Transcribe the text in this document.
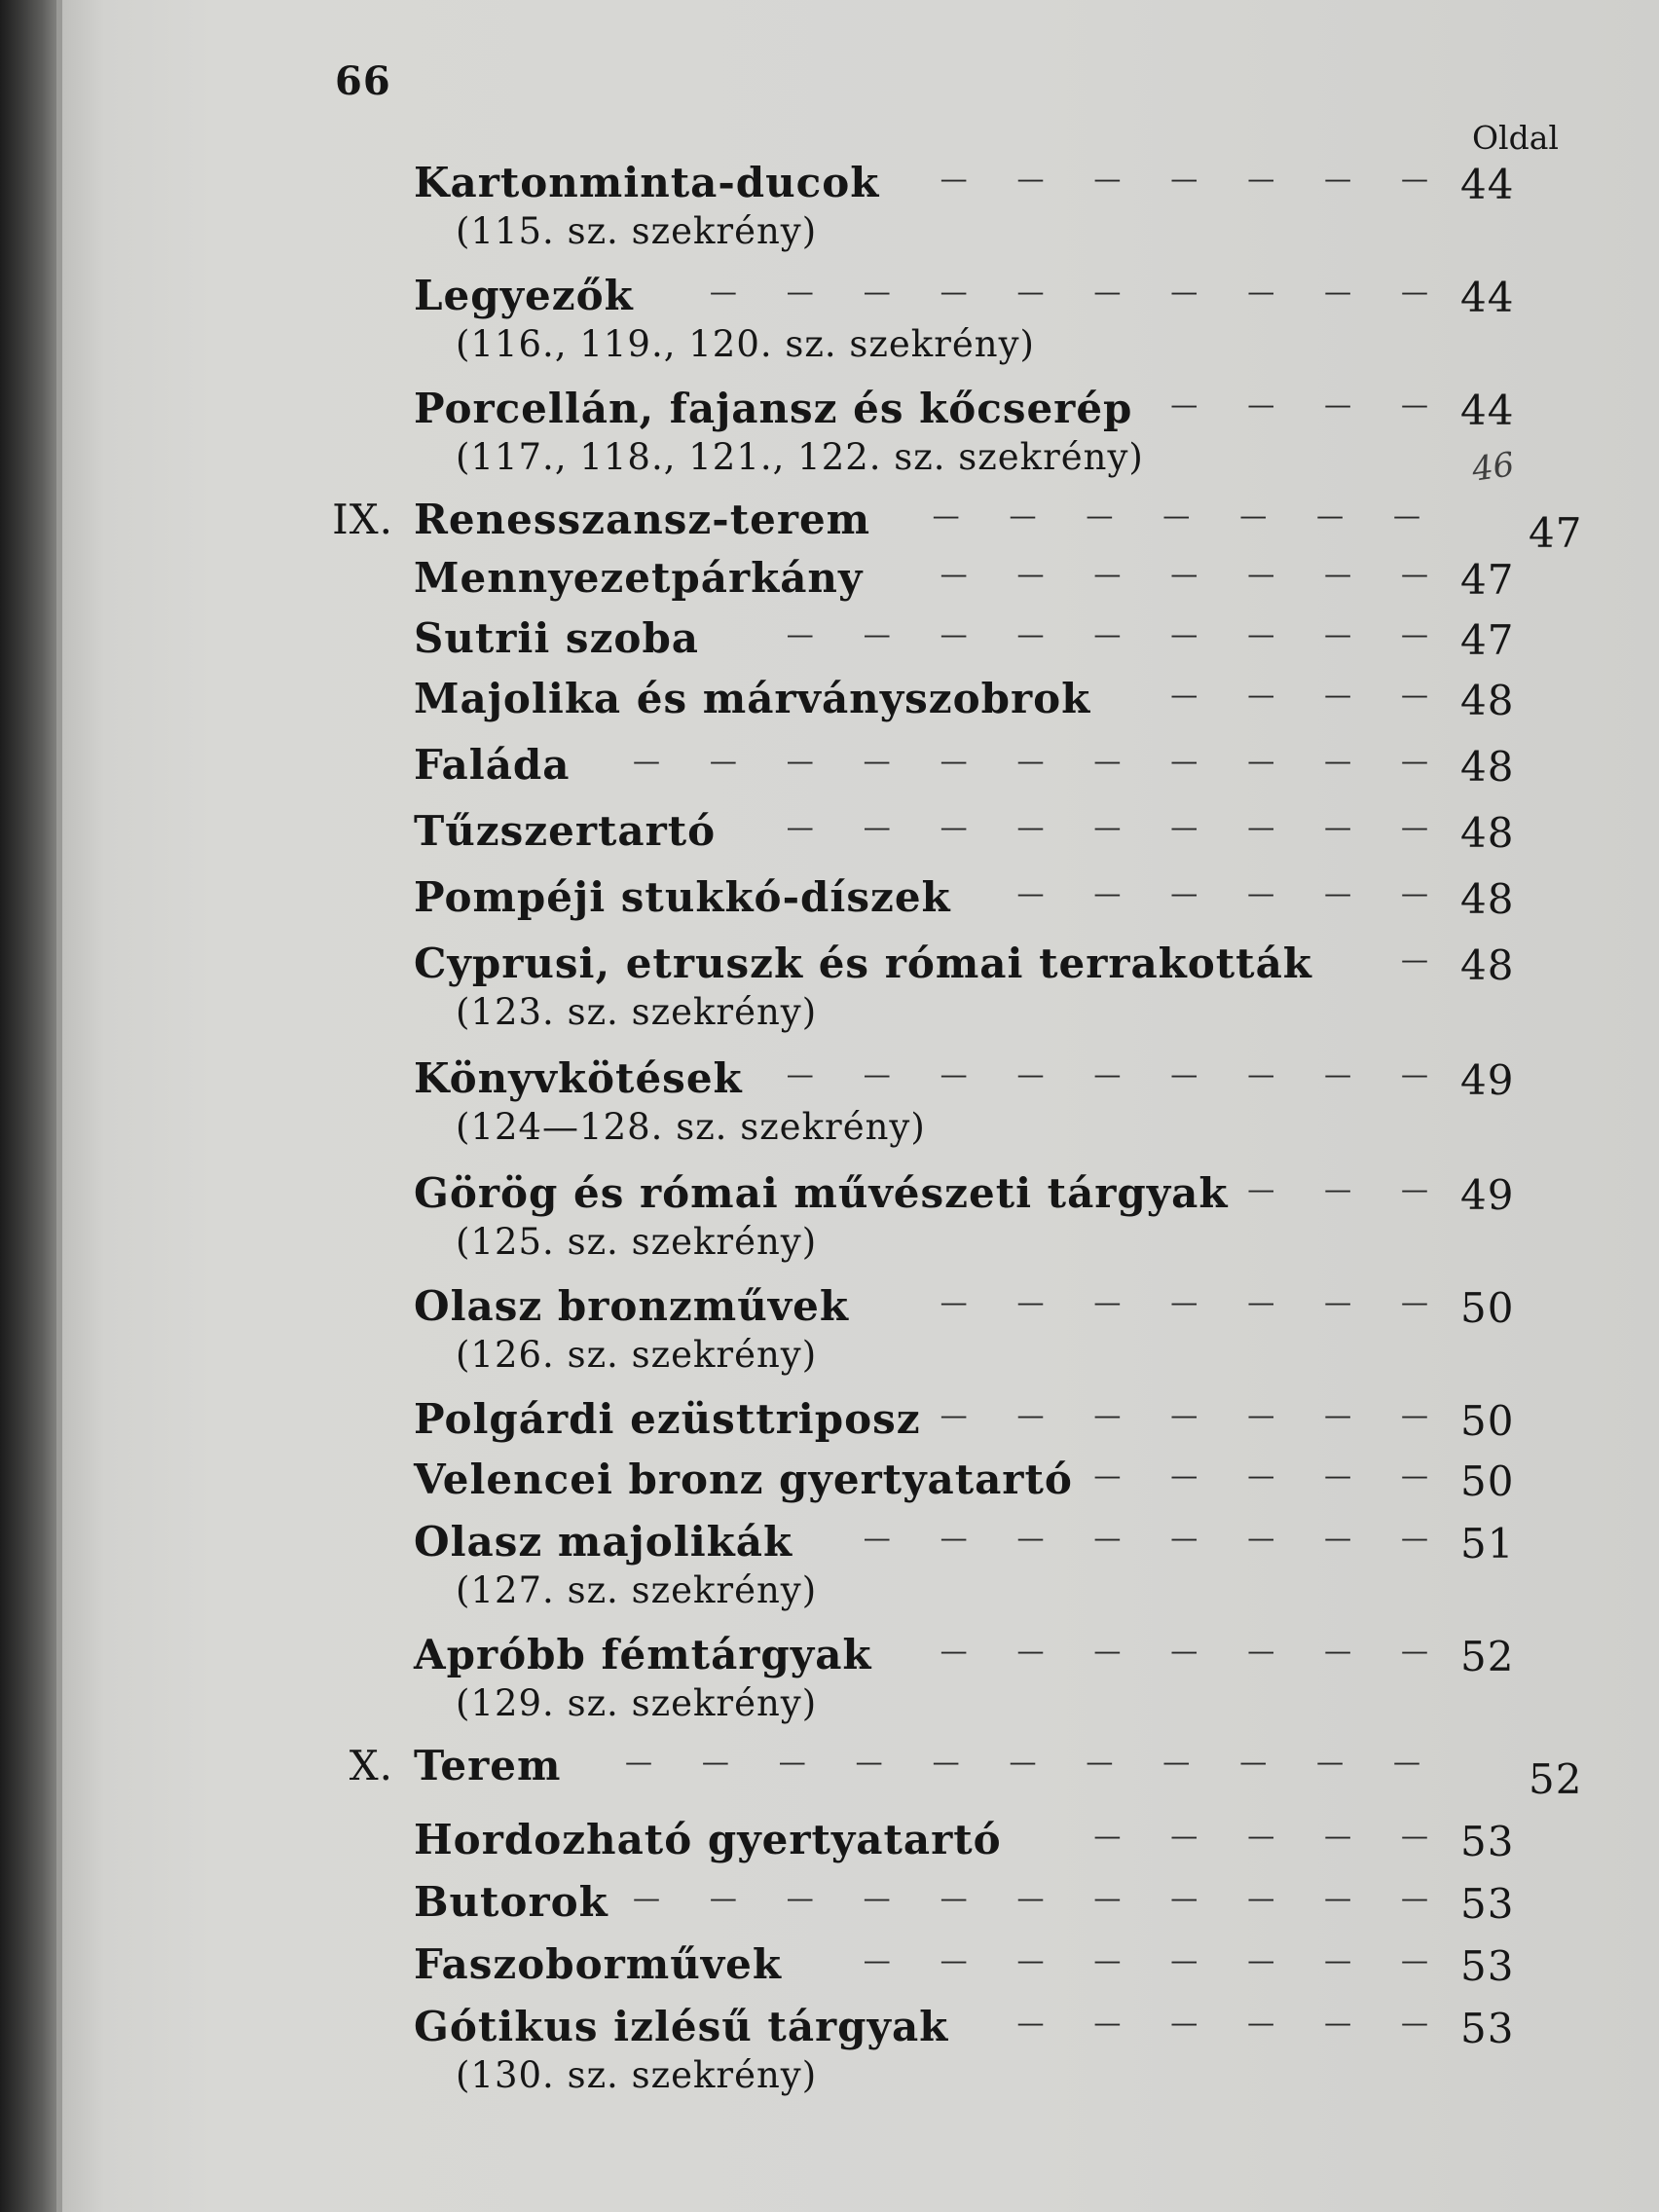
66
Oldal
46
Kartonminta-ducok — — — — — — — 44
(115. sz. szekrény)
Legyezők	— — — — — — — — — — 44
(116., 119., 120. sz. szekrény)
Porcellán, fajansz és kőcserép — — — — 44
(117., 118., 121., 122. sz. szekrény)
IX. Renesszansz-terem — — — — — — — 47
Mennyezetpárkány	— — — — — — — 47
Sutrii szoba	— — — — — — — — — 47
Majolika és márványszobrok	— — — — 48
Faláda — — — — — — — — — — — 48
Tűzszertartó	— — — — — — — — — 48
Pompéji stukkó-díszek — — — — — — 48
Cyprusi, etruszk és római terrakották	— 48
(123. sz. szekrény)
Könyvkötések — — — — — — — — — 49
(124—128. sz. szekrény)
Görög és római művészeti tárgyak — — — 49
(125. sz. szekrény)
Olasz bronzművek	— — — — — — — 50
(126. sz. szekrény)
Polgárdi ezüsttriposz — — — — — — — 50
Velencei bronz gyertyatartó — — — — — 50
Olasz majolikák	— — — — — — — — 51
(127. sz. szekrény)
Apróbb fémtárgyak	— — — — — — — 52
(129. sz. szekrény)
X. Terem — — — — — — — — — — — 52
Hordozható gyertyatartó	— — — — — 53
Butorok — — — — — — — — — — — 53
Faszoborművek	— — — — — — — — 53
Gótikus izlésű tárgyak	— — — — — — 53
(130. sz. szekrény)
